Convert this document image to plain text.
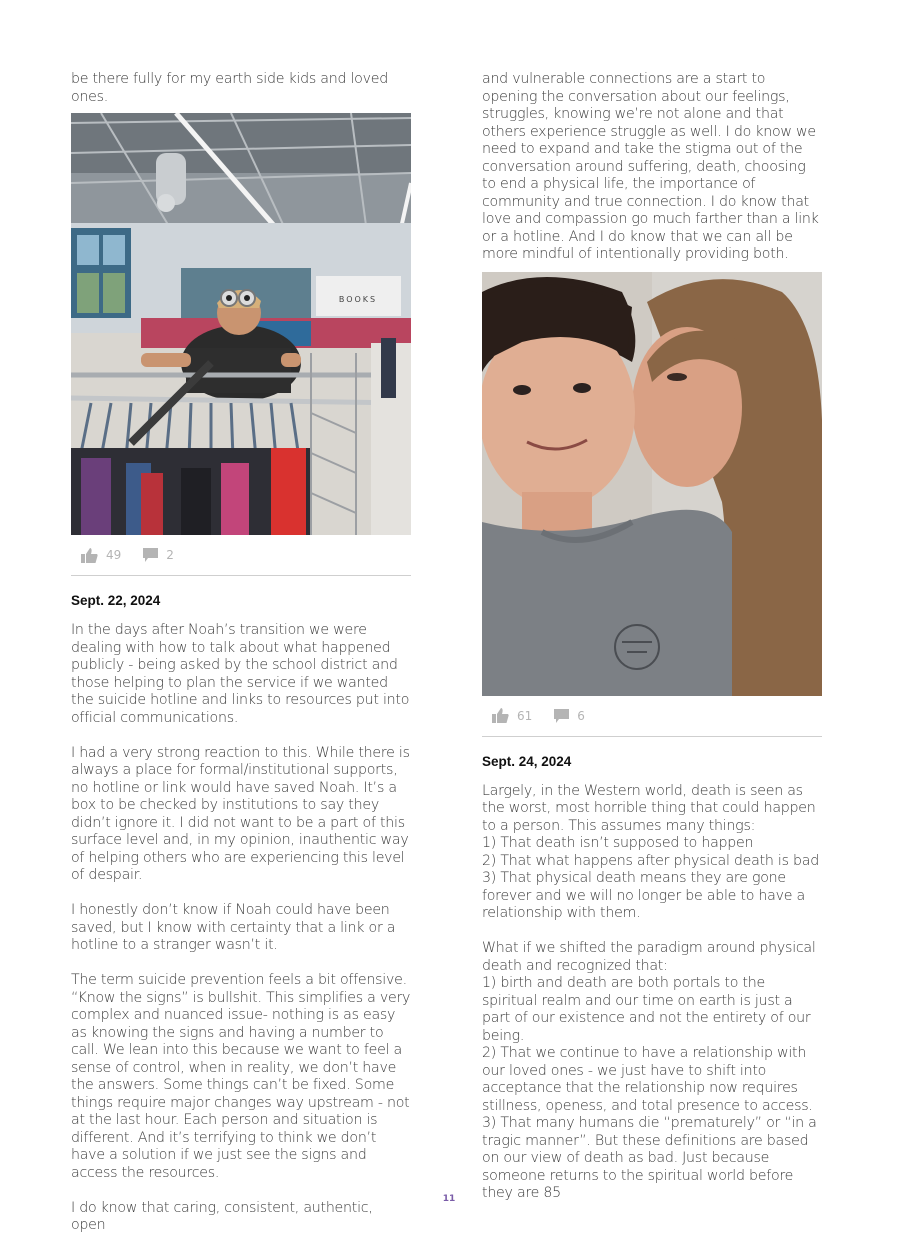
be there fully for my earth side kids and loved ones.

BOOKS
49	2
Sept. 22, 2024

In the days after Noah’s transition we were dealing with how to talk about what happened publicly - being asked by the school district and those helping to plan the service if we wanted the suicide hotline and links to resources put into official communications.

I had a very strong reaction to this. While there is always a place for formal/institutional supports, no hotline or link would have saved Noah. It’s a box to be checked by institutions to say they didn’t ignore it. I did not want to be a part of this surface level and, in my opinion, inauthentic way of helping others who are experiencing this level of despair.

I honestly don’t know if Noah could have been saved, but I know with certainty that a link or a hotline to a stranger wasn’t it.

The term suicide prevention feels a bit offensive. “Know the signs” is bullshit. This simplifies a very complex and nuanced issue- nothing is as easy as knowing the signs and having a number to call. We lean into this because we want to feel a sense of control, when in reality, we don’t have the answers. Some things can’t be fixed. Some things require major changes way upstream - not at the last hour. Each person and situation is different. And it’s terrifying to think we don’t have a solution if we just see the signs and access the resources.

I do know that caring, consistent, authentic, open

and vulnerable connections are a start to opening the conversation about our feelings, struggles, knowing we’re not alone and that others experience struggle as well. I do know we need to expand and take the stigma out of the conversation around suffering, death, choosing to end a physical life, the importance of community and true connection. I do know that love and compassion go much farther than a link or a hotline. And I do know that we can all be more mindful of intentionally providing both.

61	6
Sept. 24, 2024

Largely, in the Western world, death is seen as the worst, most horrible thing that could happen to a person. This assumes many things:

1) That death isn’t supposed to happen

2) That what happens after physical death is bad

3) That physical death means they are gone forever and we will no longer be able to have a relationship with them.

What if we shifted the paradigm around physical death and recognized that:

1) birth and death are both portals to the spiritual realm and our time on earth is just a part of our existence and not the entirety of our being.

2) That we continue to have a relationship with our loved ones - we just have to shift into acceptance that the relationship now requires stillness, openess, and total presence to access.

3) That many humans die “prematurely” or “in a tragic manner”. But these definitions are based on our view of death as bad. Just because someone returns to the spiritual world before they are 85

11
